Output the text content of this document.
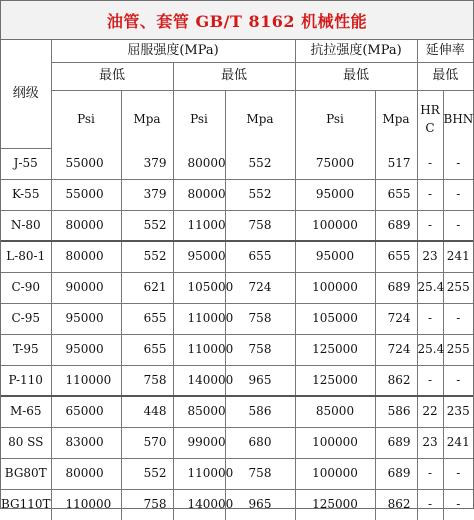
油管、套管 GB/T 8162 机械性能
纲级	屈服强度(MPa)				抗拉强度(MPa)		延伸率	
	最低		最低		最低		最低	
	Psi	Mpa	Psi	Mpa	Psi	Mpa	HR C	BHN
J-55	55000	379	80000	552	75000	517	-	-
K-55	55000	379	80000	552	95000	655	-	-
N-80	80000	552	11000	758	100000	689	-	-
L-80-1	80000	552	95000	655	95000	655	23	241
C-90	90000	621	105000	724	100000	689	25.4	255
C-95	95000	655	110000	758	105000	724	-	-
T-95	95000	655	110000	758	125000	724	25.4	255
P-110	110000	758	140000	965	125000	862	-	-
M-65	65000	448	85000	586	85000	586	22	235
80 SS	83000	570	99000	680	100000	689	23	241
BG80T	80000	552	110000	758	100000	689	-	-
BG110T	110000	758	140000	965	125000	862	-	-
